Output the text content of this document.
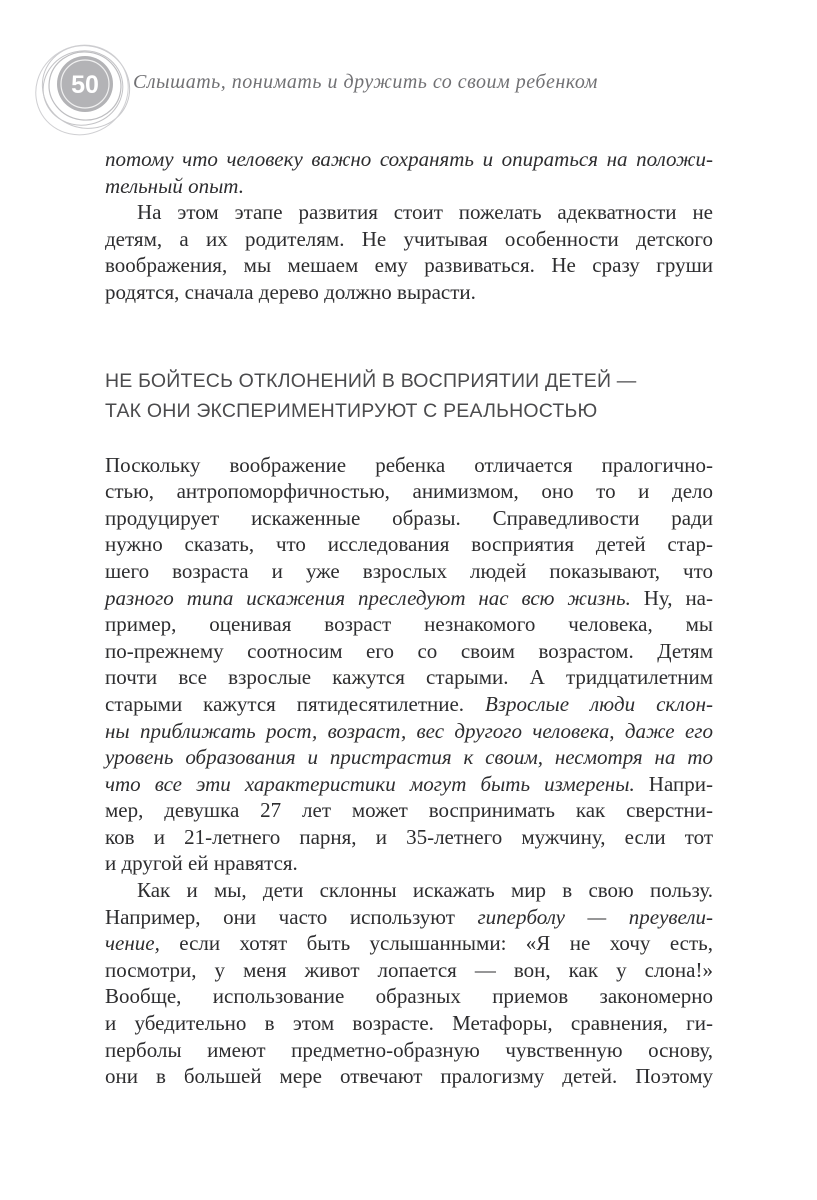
50 Слышать, понимать и дружить со своим ребенком
потому что человеку важно сохранять и опираться на положи-
тельный опыт.
На этом этапе развития стоит пожелать адекватности не
детям, а их родителям. Не учитывая особенности детского
воображения, мы мешаем ему развиваться. Не сразу груши
родятся, сначала дерево должно вырасти.
НЕ БОЙТЕСЬ ОТКЛОНЕНИЙ В ВОСПРИЯТИИ ДЕТЕЙ —
ТАК ОНИ ЭКСПЕРИМЕНТИРУЮТ С РЕАЛЬНОСТЬЮ
Поскольку воображение ребенка отличается пралогично-
стью, антропоморфичностью, анимизмом, оно то и дело
продуцирует искаженные образы. Справедливости ради
нужно сказать, что исследования восприятия детей стар-
шего возраста и уже взрослых людей показывают, что
разного типа искажения преследуют нас всю жизнь. Ну, на-
пример, оценивая возраст незнакомого человека, мы
по-прежнему соотносим его со своим возрастом. Детям
почти все взрослые кажутся старыми. А тридцатилетним
старыми кажутся пятидесятилетние. Взрослые люди склон-
ны приближать рост, возраст, вес другого человека, даже его
уровень образования и пристрастия к своим, несмотря на то
что все эти характеристики могут быть измерены. Напри-
мер, девушка 27 лет может воспринимать как сверстни-
ков и 21-летнего парня, и 35-летнего мужчину, если тот
и другой ей нравятся.
Как и мы, дети склонны искажать мир в свою пользу.
Например, они часто используют гиперболу — преувели-
чение, если хотят быть услышанными: «Я не хочу есть,
посмотри, у меня живот лопается — вон, как у слона!»
Вообще, использование образных приемов закономерно
и убедительно в этом возрасте. Метафоры, сравнения, ги-
перболы имеют предметно-образную чувственную основу,
они в большей мере отвечают пралогизму детей. Поэтому
